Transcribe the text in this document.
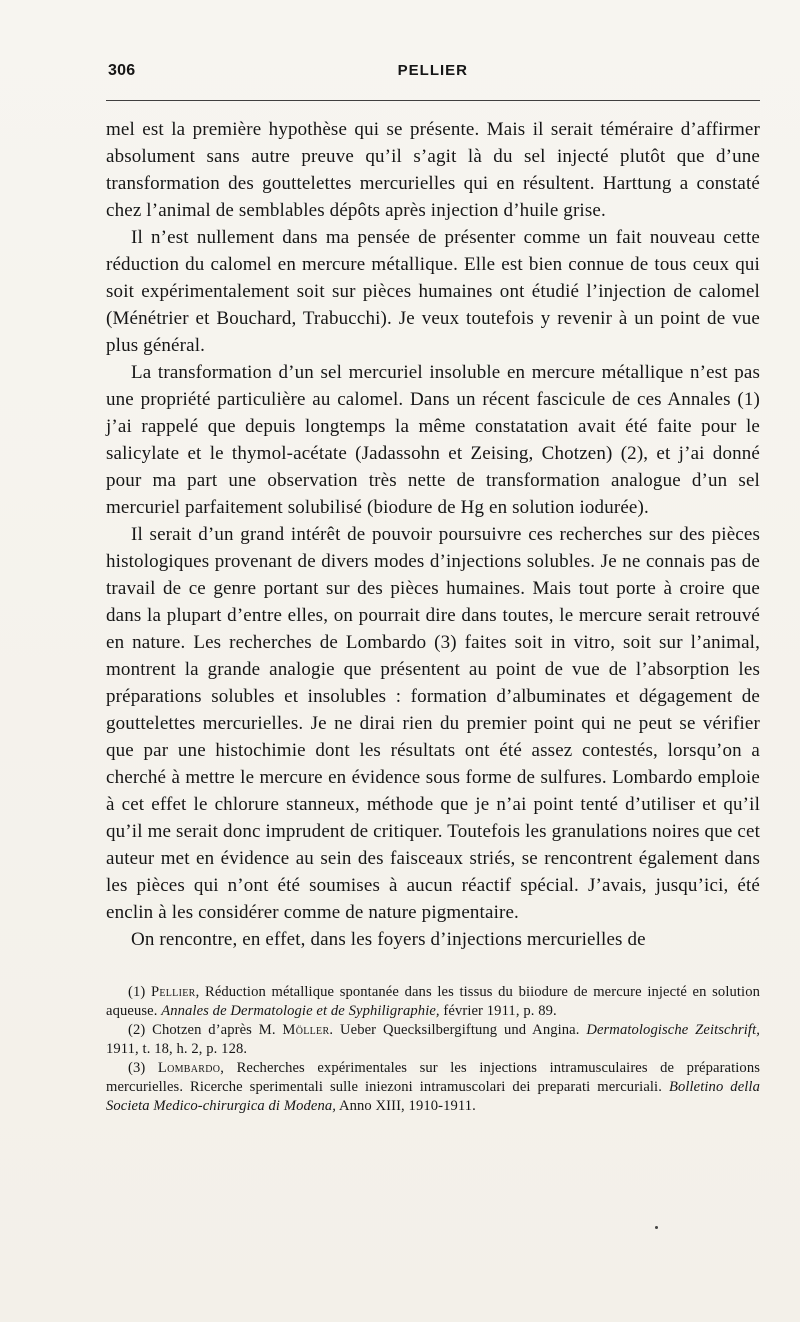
306	PELLIER

mel est la première hypothèse qui se présente. Mais il serait téméraire d’affirmer absolument sans autre preuve qu’il s’agit là du sel injecté plutôt que d’une transformation des gouttelettes mercurielles qui en résultent. Harttung a constaté chez l’animal de semblables dépôts après injection d’huile grise.

Il n’est nullement dans ma pensée de présenter comme un fait nouveau cette réduction du calomel en mercure métallique. Elle est bien connue de tous ceux qui soit expérimentalement soit sur pièces humaines ont étudié l’injection de calomel (Ménétrier et Bouchard, Trabucchi). Je veux toutefois y revenir à un point de vue plus général.

La transformation d’un sel mercuriel insoluble en mercure métallique n’est pas une propriété particulière au calomel. Dans un récent fascicule de ces Annales (1) j’ai rappelé que depuis longtemps la même constatation avait été faite pour le salicylate et le thymol-acétate (Jadassohn et Zeising, Chotzen) (2), et j’ai donné pour ma part une observation très nette de transformation analogue d’un sel mercuriel parfaitement solubilisé (biodure de Hg en solution iodurée).

Il serait d’un grand intérêt de pouvoir poursuivre ces recherches sur des pièces histologiques provenant de divers modes d’injections solubles. Je ne connais pas de travail de ce genre portant sur des pièces humaines. Mais tout porte à croire que dans la plupart d’entre elles, on pourrait dire dans toutes, le mercure serait retrouvé en nature. Les recherches de Lombardo (3) faites soit in vitro, soit sur l’animal, montrent la grande analogie que présentent au point de vue de l’absorption les préparations solubles et insolubles : formation d’albuminates et dégagement de gouttelettes mercurielles. Je ne dirai rien du premier point qui ne peut se vérifier que par une histochimie dont les résultats ont été assez contestés, lorsqu’on a cherché à mettre le mercure en évidence sous forme de sulfures. Lombardo emploie à cet effet le chlorure stanneux, méthode que je n’ai point tenté d’utiliser et qu’il qu’il me serait donc imprudent de critiquer. Toutefois les granulations noires que cet auteur met en évidence au sein des faisceaux striés, se rencontrent également dans les pièces qui n’ont été soumises à aucun réactif spécial. J’avais, jusqu’ici, été enclin à les considérer comme de nature pigmentaire.

On rencontre, en effet, dans les foyers d’injections mercurielles de

(1) Pellier, Réduction métallique spontanée dans les tissus du biiodure de mercure injecté en solution aqueuse. Annales de Dermatologie et de Syphiligraphie, février 1911, p. 89.

(2) Chotzen d’après M. Möller. Ueber Quecksilbergiftung und Angina. Dermatologische Zeitschrift, 1911, t. 18, h. 2, p. 128.

(3) Lombardo, Recherches expérimentales sur les injections intramusculaires de préparations mercurielles. Ricerche sperimentali sulle iniezoni intramuscolari dei preparati mercuriali. Bolletino della Societa Medico-chirurgica di Modena, Anno XIII, 1910-1911.
